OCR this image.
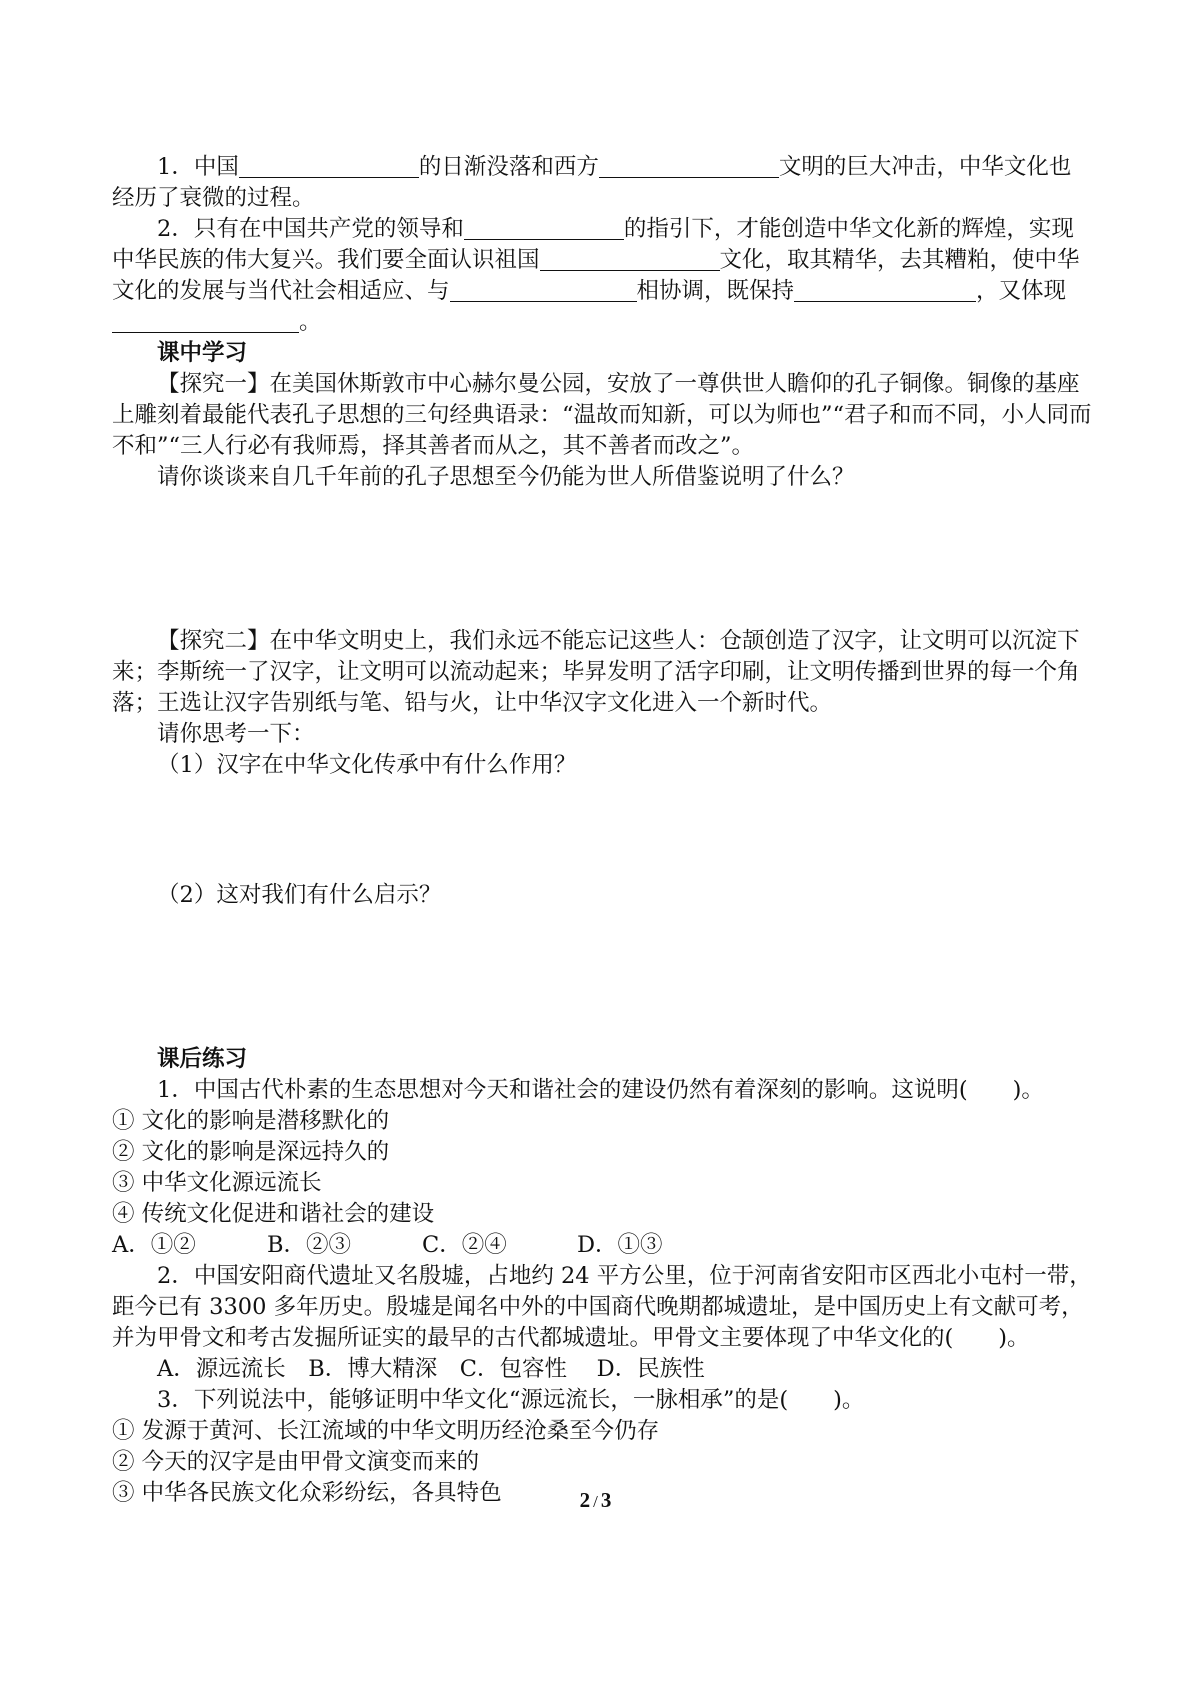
1．中国	的日渐没落和西方	文明的巨大冲击，中华文化也经历了衰微的过程。

2．只有在中国共产党的领导和	的指引下，才能创造中华文化新的辉煌，实现中华民族的伟大复兴。我们要全面认识祖国	文化，取其精华，去其糟粕，使中华文化的发展与当代社会相适应、与	相协调，既保持	，又体现。

课中学习

【探究一】在美国休斯敦市中心赫尔曼公园，安放了一尊供世人瞻仰的孔子铜像。铜像的基座上雕刻着最能代表孔子思想的三句经典语录：“温故而知新，可以为师也”“君子和而不同，小人同而不和”“三人行必有我师焉，择其善者而从之，其不善者而改之”。

请你谈谈来自几千年前的孔子思想至今仍能为世人所借鉴说明了什么？

【探究二】在中华文明史上，我们永远不能忘记这些人：仓颉创造了汉字，让文明可以沉淀下来；李斯统一了汉字，让文明可以流动起来；毕昇发明了活字印刷，让文明传播到世界的每一个角落；王选让汉字告别纸与笔、铅与火，让中华汉字文化进入一个新时代。

请你思考一下：

（1）汉字在中华文化传承中有什么作用？

（2）这对我们有什么启示？

课后练习

1．中国古代朴素的生态思想对今天和谐社会的建设仍然有着深刻的影响。这说明(　　)。

① 文化的影响是潜移默化的

② 文化的影响是深远持久的

③ 中华文化源远流长

④ 传统文化促进和谐社会的建设

A．①②	B．②③	C．②④	D．①③

2．中国安阳商代遗址又名殷墟，占地约 24 平方公里，位于河南省安阳市区西北小屯村一带，距今已有 3300 多年历史。殷墟是闻名中外的中国商代晚期都城遗址，是中国历史上有文献可考，并为甲骨文和考古发掘所证实的最早的古代都城遗址。甲骨文主要体现了中华文化的(　　)。

A．源远流长　B．博大精深　C．包容性　 D．民族性

3．下列说法中，能够证明中华文化“源远流长，一脉相承”的是(　　)。

① 发源于黄河、长江流域的中华文明历经沧桑至今仍存

② 今天的汉字是由甲骨文演变而来的

③ 中华各民族文化众彩纷纭，各具特色	2 / 3
